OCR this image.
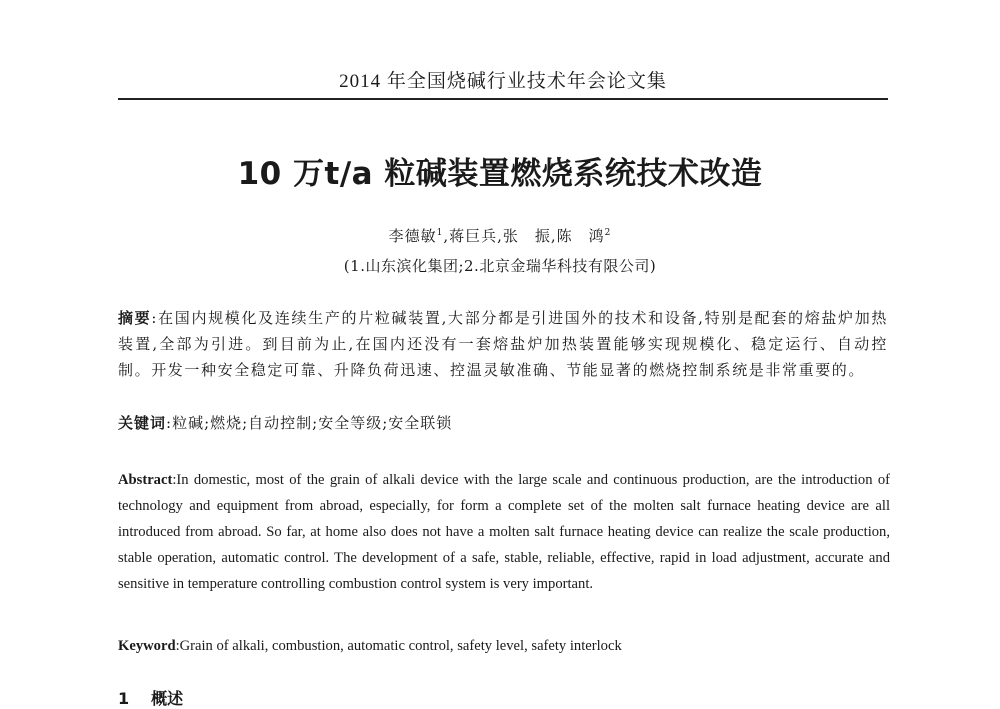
2014 年全国烧碱行业技术年会论文集
10 万t/a 粒碱装置燃烧系统技术改造
李德敏$^1$,蒋巨兵,张　振,陈　鸿$^2$
(1.山东滨化集团;2.北京金瑞华科技有限公司)
摘要:在国内规模化及连续生产的片粒碱装置,大部分都是引进国外的技术和设备,特别是配套的熔盐炉加热装置,全部为引进。到目前为止,在国内还没有一套熔盐炉加热装置能够实现规模化、稳定运行、自动控制。开发一种安全稳定可靠、升降负荷迅速、控温灵敏准确、节能显著的燃烧控制系统是非常重要的。
关键词:粒碱;燃烧;自动控制;安全等级;安全联锁
Abstract:In domestic, most of the grain of alkali device with the large scale and continuous production, are the introduction of technology and equipment from abroad, especially, for form a complete set of the molten salt furnace heating device are all introduced from abroad. So far, at home also does not have a molten salt furnace heating device can realize the scale production, stable operation, automatic control. The development of a safe, stable, reliable, effective, rapid in load adjustment, accurate and sensitive in temperature controlling combustion control system is very important.
Keyword:Grain of alkali, combustion, automatic control, safety level, safety interlock
1 概述
